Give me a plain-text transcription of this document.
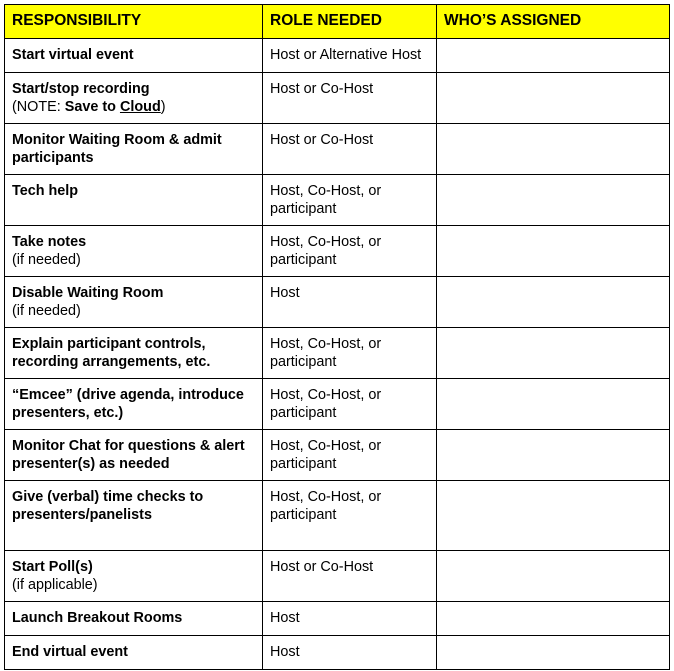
RESPONSIBILITY	ROLE NEEDED	WHO’S ASSIGNED

Start virtual event	Host or Alternative Host	

Start/stop recording
(NOTE: Save to Cloud)	Host or Co-Host	

Monitor Waiting Room & admit participants	Host or Co-Host	

Tech help	Host, Co-Host, or participant	

Take notes
(if needed)	Host, Co-Host, or participant	

Disable Waiting Room
(if needed)	Host	

Explain participant controls, recording arrangements, etc.	Host, Co-Host, or participant	

“Emcee” (drive agenda, introduce presenters, etc.)	Host, Co-Host, or participant	

Monitor Chat for questions & alert presenter(s) as needed	Host, Co-Host, or participant	

Give (verbal) time checks to presenters/panelists	Host, Co-Host, or participant	

Start Poll(s)
(if applicable)	Host or Co-Host	

Launch Breakout Rooms	Host	

End virtual event	Host	
